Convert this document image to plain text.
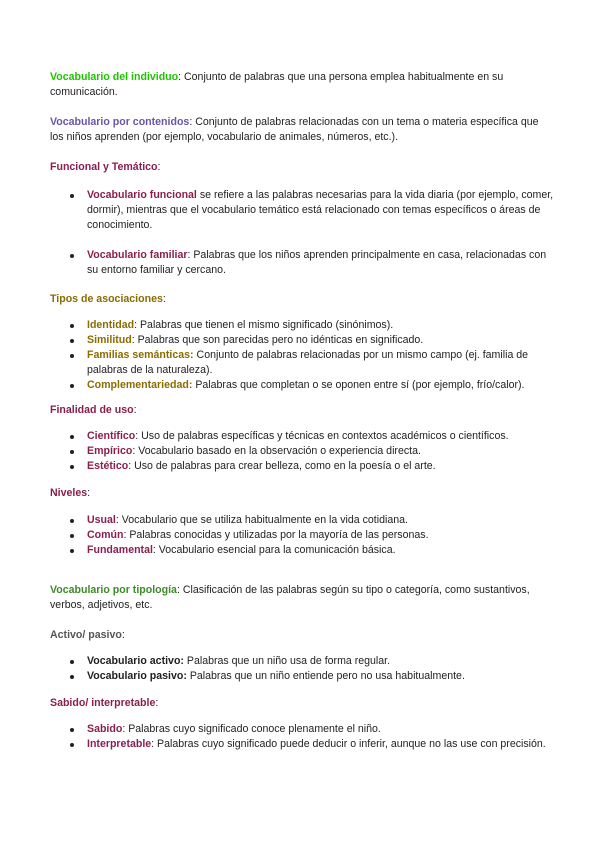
Vocabulario del individuo: Conjunto de palabras que una persona emplea habitualmente en su comunicación.

Vocabulario por contenidos: Conjunto de palabras relacionadas con un tema o materia específica que los niños aprenden (por ejemplo, vocabulario de animales, números, etc.).

Funcional y Temático:

Vocabulario funcional se refiere a las palabras necesarias para la vida diaria (por ejemplo, comer, dormir), mientras que el vocabulario temático está relacionado con temas específicos o áreas de conocimiento.
Vocabulario familiar: Palabras que los niños aprenden principalmente en casa, relacionadas con su entorno familiar y cercano.

Tipos de asociaciones:

Identidad: Palabras que tienen el mismo significado (sinónimos).
Similitud: Palabras que son parecidas pero no idénticas en significado.
Familias semánticas: Conjunto de palabras relacionadas por un mismo campo (ej. familia de palabras de la naturaleza).
Complementariedad: Palabras que completan o se oponen entre sí (por ejemplo, frío/calor).

Finalidad de uso:

Científico: Uso de palabras específicas y técnicas en contextos académicos o científicos.
Empírico: Vocabulario basado en la observación o experiencia directa.
Estético: Uso de palabras para crear belleza, como en la poesía o el arte.

Niveles:

Usual: Vocabulario que se utiliza habitualmente en la vida cotidiana.
Común: Palabras conocidas y utilizadas por la mayoría de las personas.
Fundamental: Vocabulario esencial para la comunicación básica.

Vocabulario por tipología: Clasificación de las palabras según su tipo o categoría, como sustantivos, verbos, adjetivos, etc.

Activo/ pasivo:

Vocabulario activo: Palabras que un niño usa de forma regular.
Vocabulario pasivo: Palabras que un niño entiende pero no usa habitualmente.

Sabido/ interpretable:

Sabido: Palabras cuyo significado conoce plenamente el niño.
Interpretable: Palabras cuyo significado puede deducir o inferir, aunque no las use con precisión.
